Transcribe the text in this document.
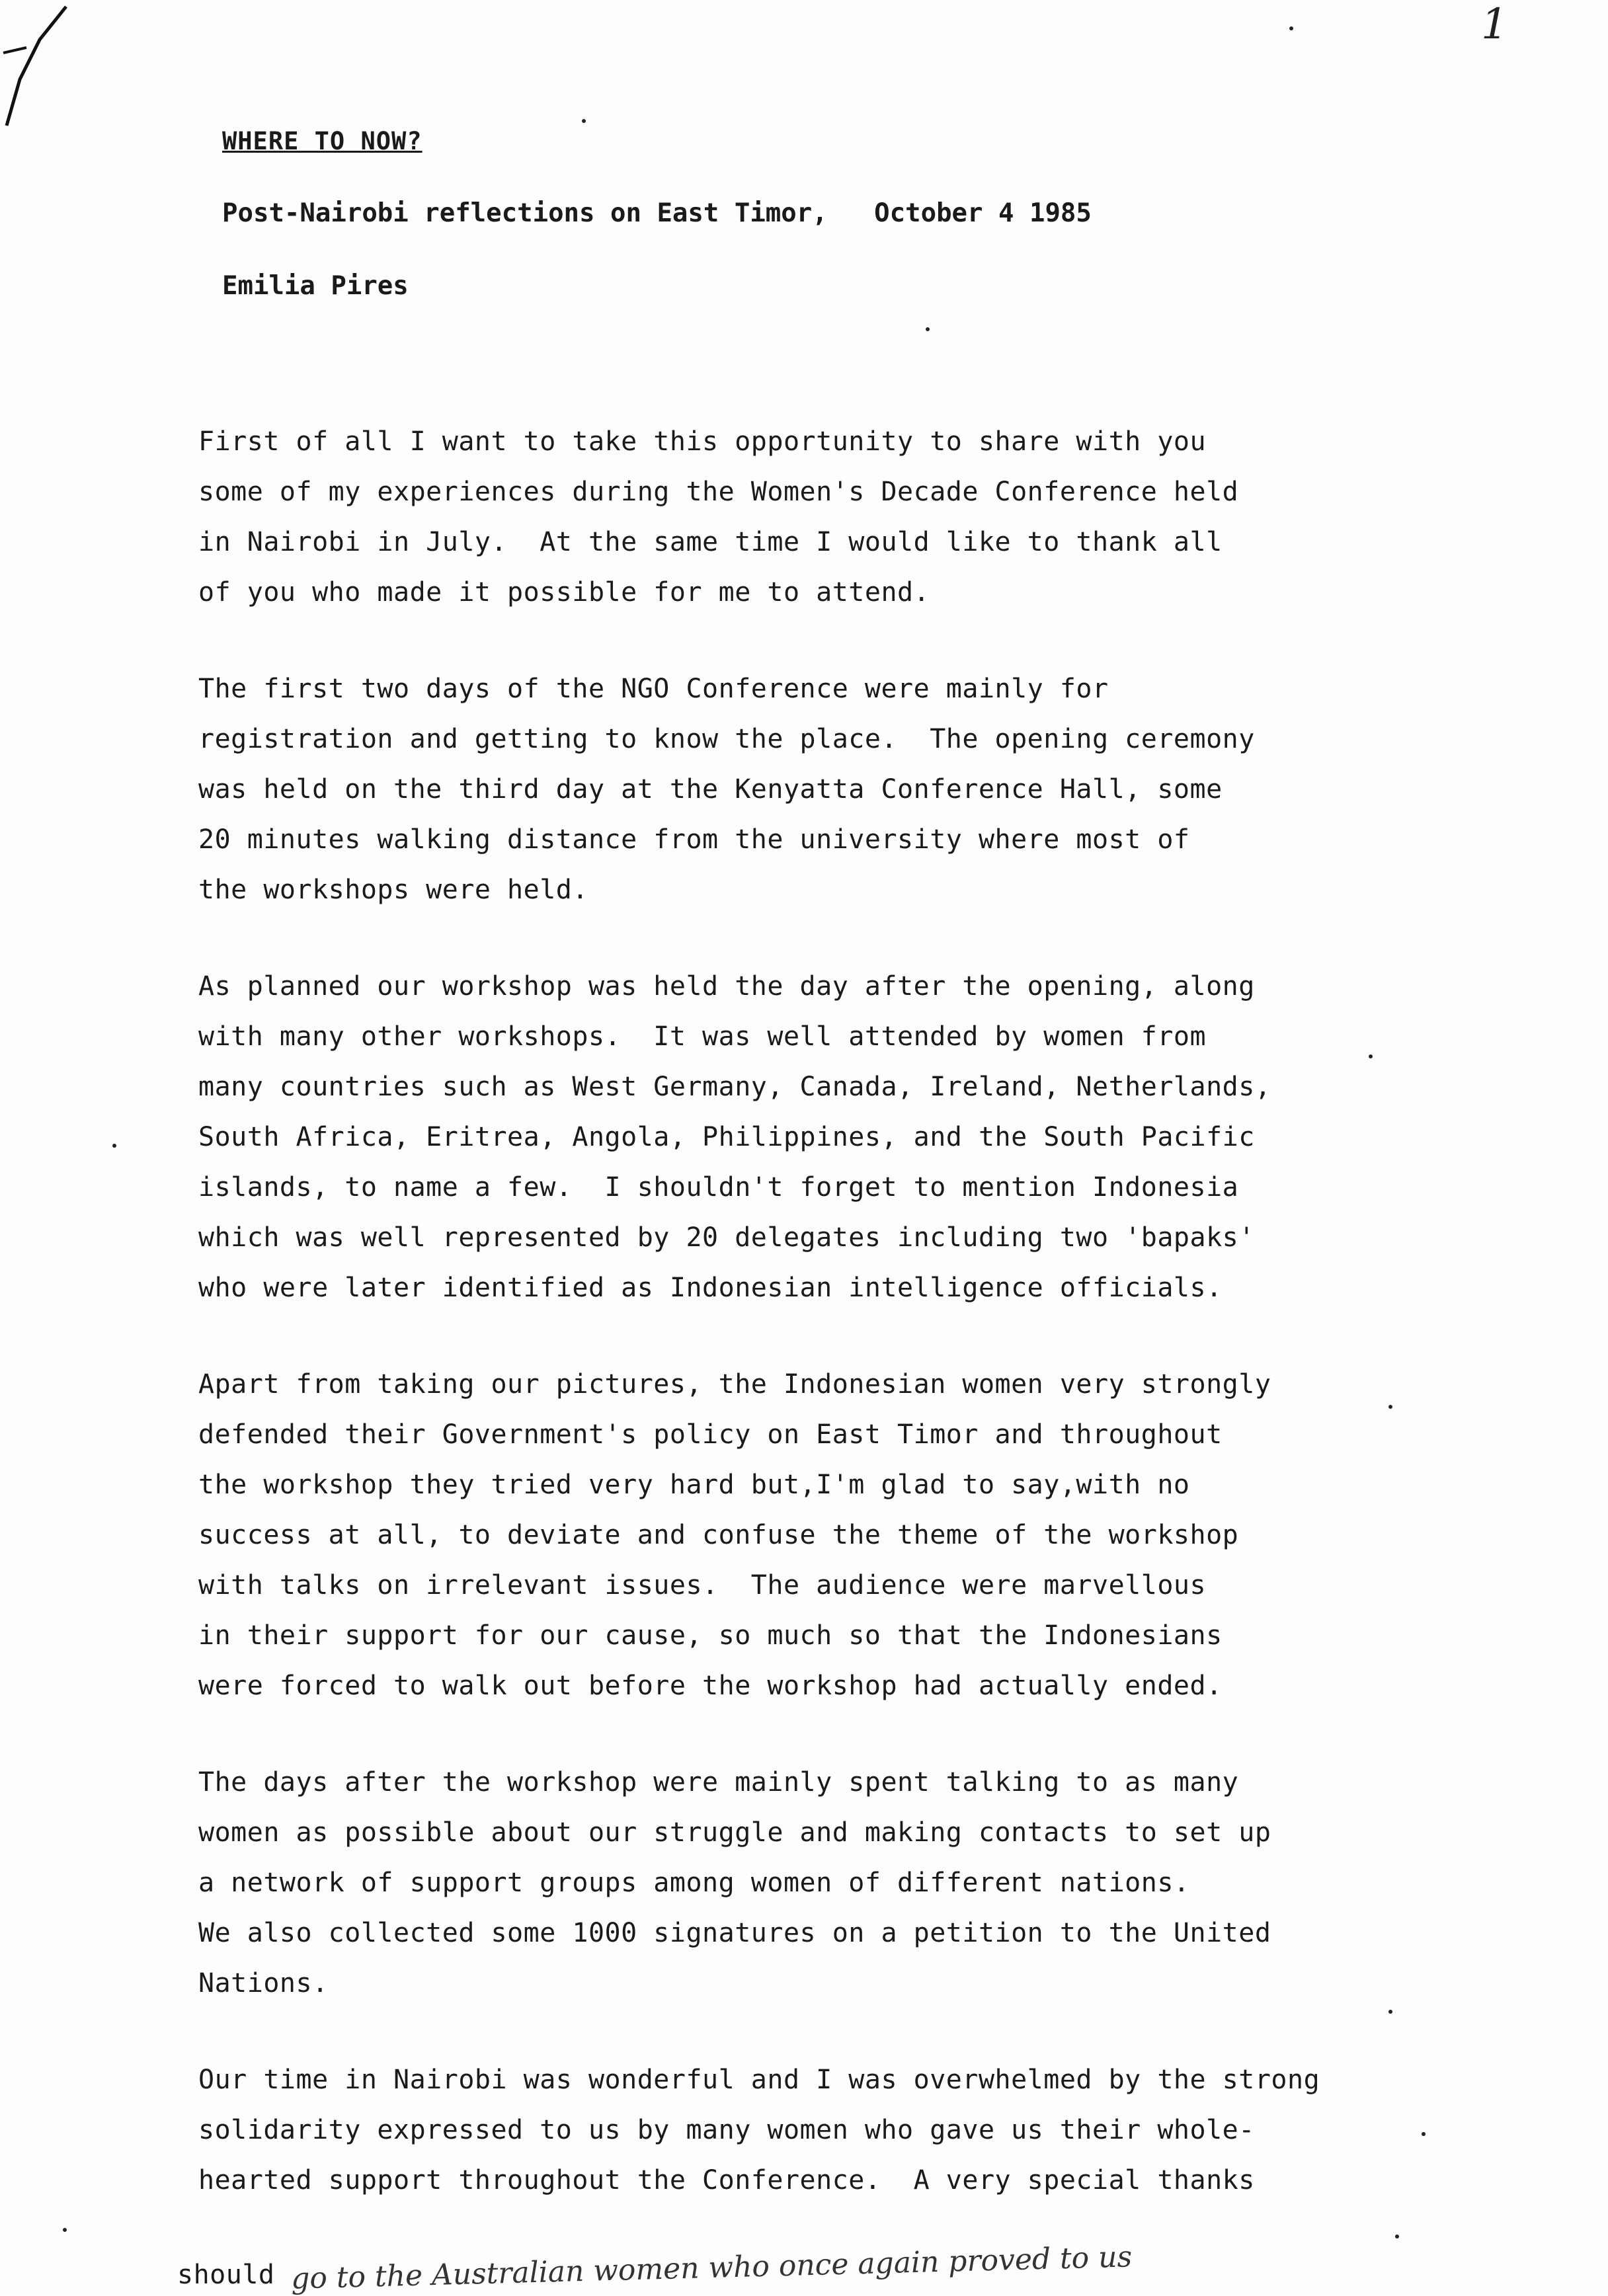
1
WHERE TO NOW?
Post-Nairobi reflections on East Timor,   October 4 1985
Emilia Pires
First of all I want to take this opportunity to share with you
some of my experiences during the Women's Decade Conference held
in Nairobi in July.  At the same time I would like to thank all
of you who made it possible for me to attend.
The first two days of the NGO Conference were mainly for
registration and getting to know the place.  The opening ceremony
was held on the third day at the Kenyatta Conference Hall, some
20 minutes walking distance from the university where most of
the workshops were held.
As planned our workshop was held the day after the opening, along
with many other workshops.  It was well attended by women from
many countries such as West Germany, Canada, Ireland, Netherlands,
South Africa, Eritrea, Angola, Philippines, and the South Pacific
islands, to name a few.  I shouldn't forget to mention Indonesia
which was well represented by 20 delegates including two 'bapaks'
who were later identified as Indonesian intelligence officials.
Apart from taking our pictures, the Indonesian women very strongly
defended their Government's policy on East Timor and throughout
the workshop they tried very hard but,I'm glad to say,with no
success at all, to deviate and confuse the theme of the workshop
with talks on irrelevant issues.  The audience were marvellous
in their support for our cause, so much so that the Indonesians
were forced to walk out before the workshop had actually ended.
The days after the workshop were mainly spent talking to as many
women as possible about our struggle and making contacts to set up
a network of support groups among women of different nations.
We also collected some 1000 signatures on a petition to the United
Nations.
Our time in Nairobi was wonderful and I was overwhelmed by the strong
solidarity expressed to us by many women who gave us their whole-
hearted support throughout the Conference.  A very special thanks
should go to the Australian women who once again proved to us
